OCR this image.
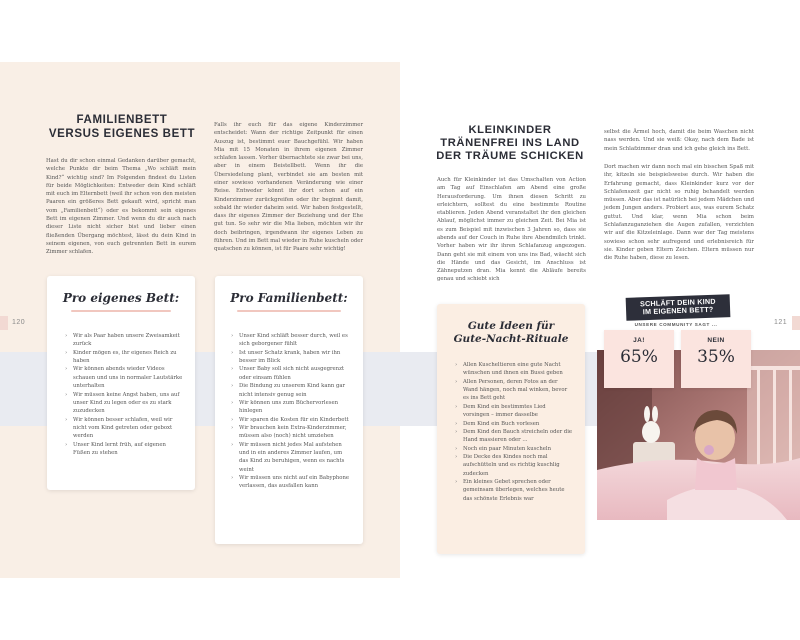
120	121
FAMILIENBETT
VERSUS EIGENES BETT
Hast du dir schon einmal Gedanken darüber gemacht, welche Punkte dir beim Thema „Wo schläft mein Kind?“ wichtig sind? Im Folgenden findest du Listen für beide Möglichkeiten: Entweder dein Kind schläft mit euch im Elternbett (weil ihr schon von den meisten Paaren ein größeres Bett gekauft wird, spricht man vom „Familienbett“) oder es bekommt sein eigenes Bett im eigenen Zimmer. Und wenn du dir auch nach dieser Liste nicht sicher bist und lieber einen fließenden Übergang möchtest, lässt du dein Kind in seinem eigenen, von euch getrennten Bett in eurem Zimmer schlafen.
Falls ihr euch für das eigene Kinderzimmer entscheidet: Wann der richtige Zeitpunkt für einen Auszug ist, bestimmt euer Bauchgefühl. Wir haben Mia mit 15 Monaten in ihrem eigenen Zimmer schlafen lassen. Vorher übernachtete sie zwar bei uns, aber in einem Beistellbett. Wenn ihr die Übersiedelung plant, verbindet sie am besten mit einer sowieso vorhandenen Veränderung wie einer Reise. Entweder könnt ihr dort schon auf ein Kinderzimmer zurückgreifen oder ihr beginnt damit, sobald ihr wieder daheim seid. Wir haben festgestellt, dass ihr eigenes Zimmer der Beziehung und der Ehe gut tun. So sehr wir die Mia lieben, möchten wir ihr doch beibringen, irgendwann ihr eigenes Leben zu führen. Und im Bett mal wieder in Ruhe kuscheln oder quatschen zu können, ist für Paare sehr wichtig!
Pro eigenes Bett:
› Wir als Paar haben unsere Zweisamkeit zurück
› Kinder mögen es, ihr eigenes Reich zu haben
› Wir können abends wieder Videos schauen und uns in normaler Lautstärke unterhalten
› Wir müssen keine Angst haben, uns auf unser Kind zu legen oder es zu stark zuzudecken
› Wir können besser schlafen, weil wir nicht vom Kind getreten oder geboxt werden
› Unser Kind lernt früh, auf eigenen Füßen zu stehen
Pro Familienbett:
› Unser Kind schläft besser durch, weil es sich geborgener fühlt
› Ist unser Schatz krank, haben wir ihn besser im Blick
› Unser Baby soll sich nicht ausgegrenzt oder einsam fühlen
› Die Bindung zu unserem Kind kann gar nicht intensiv genug sein
› Wir können uns zum Büchervorlesen hinlegen
› Wir sparen die Kosten für ein Kinderbett
› Wir brauchen kein Extra-Kinderzimmer, müssen also (noch) nicht umziehen
› Wir müssen nicht jedes Mal aufstehen und in ein anderes Zimmer laufen, um das Kind zu beruhigen, wenn es nachts weint
› Wir müssen uns nicht auf ein Babyphone verlassen, das ausfallen kann
KLEINKINDER
TRÄNENFREI INS LAND
DER TRÄUME SCHICKEN
Auch für Kleinkinder ist das Umschalten von Action am Tag auf Einschlafen am Abend eine große Herausforderung. Um ihnen diesen Schritt zu erleichtern, solltest du eine bestimmte Routine etablieren. Jeden Abend veranstaltet ihr den gleichen Ablauf, möglichst immer zu gleichen Zeit. Bei Mia ist es zum Beispiel mit inzwischen 3 Jahren so, dass sie abends auf der Couch in Ruhe ihre Abendmilch trinkt. Vorher haben wir ihr ihren Schlafanzug angezogen. Dann geht sie mit einem von uns ins Bad, wäscht sich die Hände und das Gesicht, im Anschluss ist Zähneputzen dran. Mia kennt die Abläufe bereits genau und schiebt sich
selbst die Ärmel hoch, damit die beim Waschen nicht nass werden. Und sie weiß: Okay, nach dem Bade ist mein Schlafzimmer dran und ich gehe gleich ins Bett.
Dort machen wir dann noch mal ein bisschen Spaß mit ihr, kitzeln sie beispielsweise durch. Wir haben die Erfahrung gemacht, dass Kleinkinder kurz vor der Schlafenszeit gar nicht so ruhig behandelt werden müssen. Aber das ist natürlich bei jedem Mädchen und jedem Jungen anders. Probiert aus, was eurem Schatz guttut. Und klar, wenn Mia schon beim Schlafanzuganziehen die Augen zufallen, verzichten wir auf die Kitzeleinlage. Dann war der Tag meistens sowieso schon sehr aufregend und erlebnisreich für sie. Kinder geben Eltern Zeichen. Eltern müssen nur die Ruhe haben, diese zu lesen.
Gute Ideen für
Gute-Nacht-Rituale
› Allen Kuscheltieren eine gute Nacht wünschen und ihnen ein Bussi geben
› Allen Personen, deren Fotos an der Wand hängen, noch mal winken, bevor es ins Bett geht
› Dem Kind ein bestimmtes Lied vorsingen – immer dasselbe
› Dem Kind ein Buch vorlesen
› Dem Kind den Bauch streicheln oder die Hand massieren oder ...
› Noch ein paar Minuten kuscheln
› Die Decke des Kindes noch mal aufschütteln und es richtig kuschlig zudecken
› Ein kleines Gebet sprechen oder gemeinsam überlegen, welches heute das schönste Erlebnis war
SCHLÄFT DEIN KIND
IM EIGENEN BETT?
UNSERE COMMUNITY SAGT ...
JA!
65%
NEIN
35%
